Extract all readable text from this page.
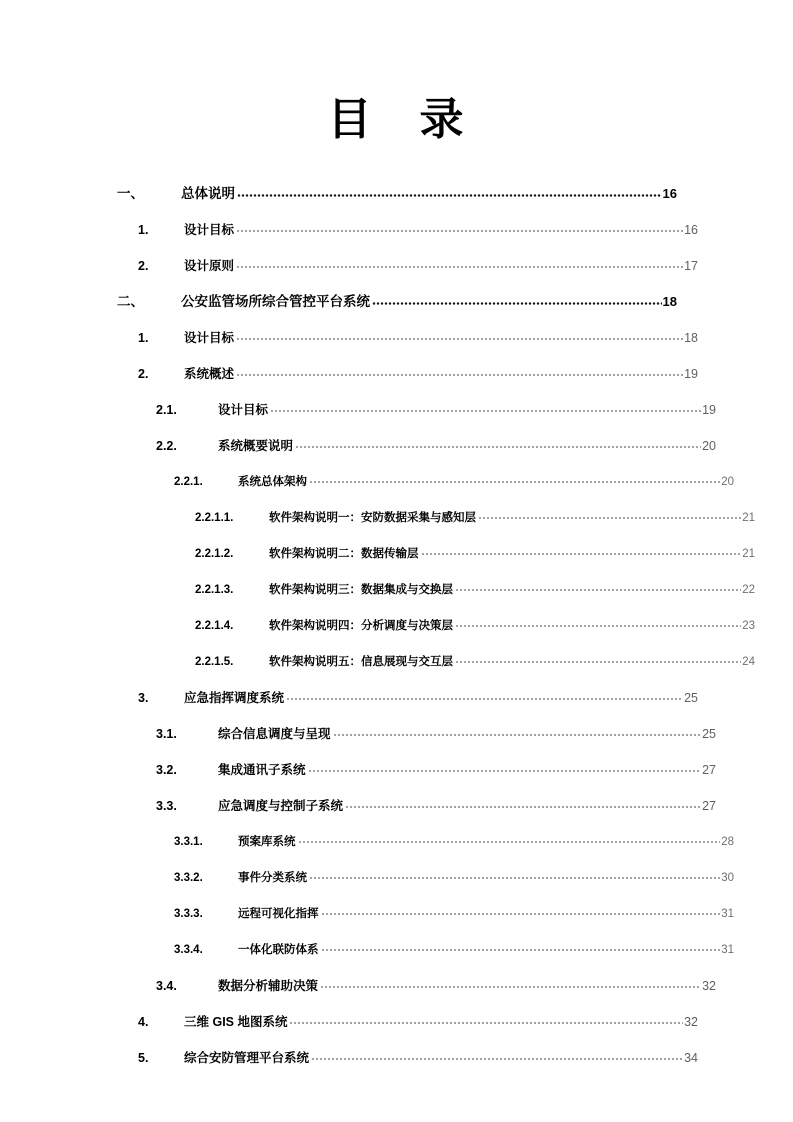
目　录
一、	总体说明	16
1.	设计目标	16
2.	设计原则	17
二、	公安监管场所综合管控平台系统	18
1.	设计目标	18
2.	系统概述	19
2.1.	设计目标	19
2.2.	系统概要说明	20
2.2.1.	系统总体架构	20
2.2.1.1.	软件架构说明一：安防数据采集与感知层	21
2.2.1.2.	软件架构说明二：数据传输层	21
2.2.1.3.	软件架构说明三：数据集成与交换层	22
2.2.1.4.	软件架构说明四：分析调度与决策层	23
2.2.1.5.	软件架构说明五：信息展现与交互层	24
3.	应急指挥调度系统	25
3.1.	综合信息调度与呈现	25
3.2.	集成通讯子系统	27
3.3.	应急调度与控制子系统	27
3.3.1.	预案库系统	28
3.3.2.	事件分类系统	30
3.3.3.	远程可视化指挥	31
3.3.4.	一体化联防体系	31
3.4.	数据分析辅助决策	32
4.	三维 GIS 地图系统	32
5.	综合安防管理平台系统	34
